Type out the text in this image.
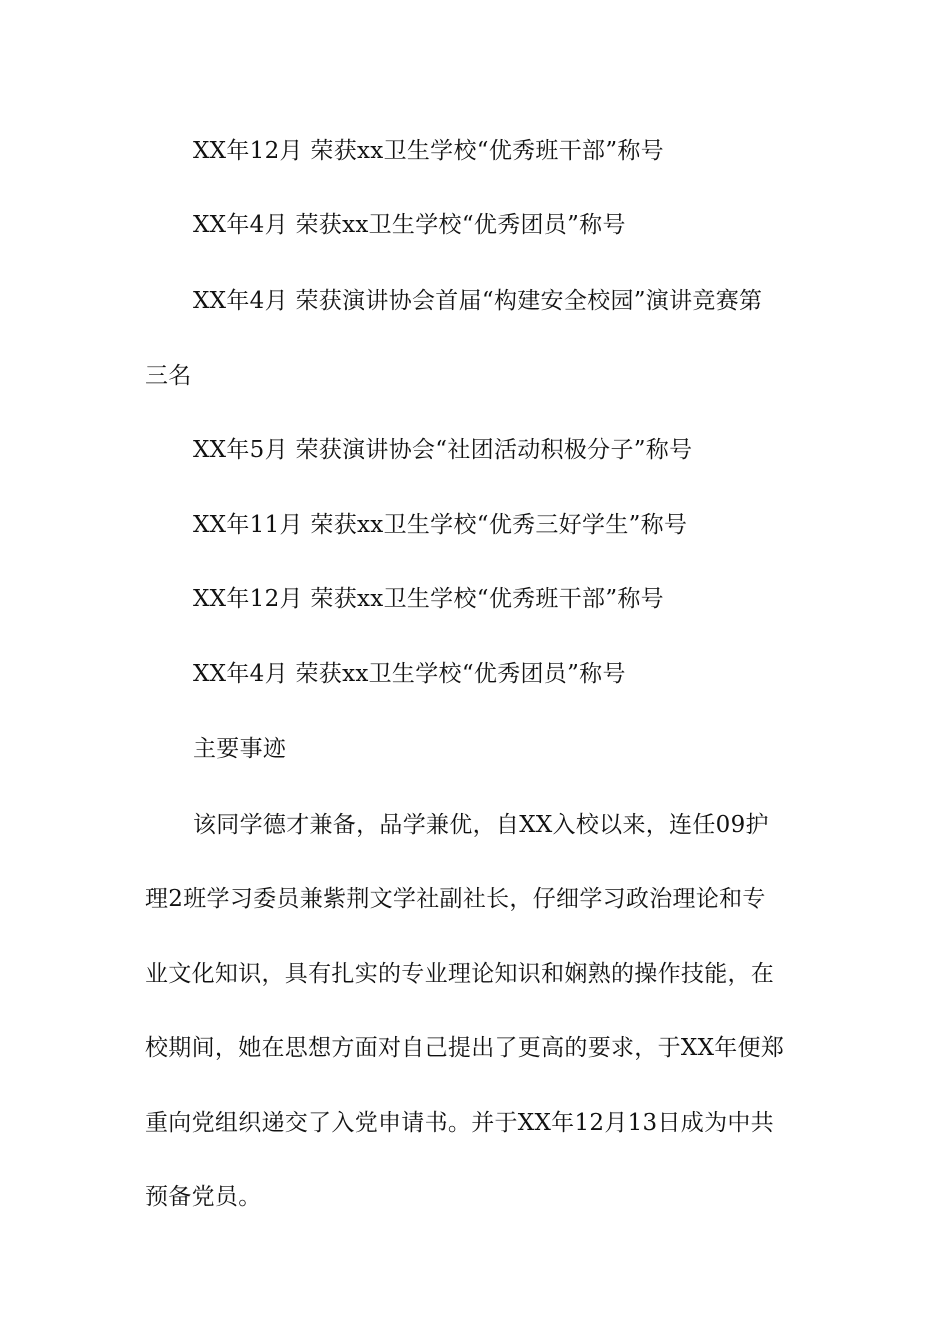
XX年12月 荣获xx卫生学校“优秀班干部”称号
XX年4月 荣获xx卫生学校“优秀团员”称号
XX年4月 荣获演讲协会首届“构建安全校园”演讲竞赛第
三名
XX年5月 荣获演讲协会“社团活动积极分子”称号
XX年11月 荣获xx卫生学校“优秀三好学生”称号
XX年12月 荣获xx卫生学校“优秀班干部”称号
XX年4月 荣获xx卫生学校“优秀团员”称号
主要事迹
该同学德才兼备，品学兼优，自XX入校以来，连任09护
理2班学习委员兼紫荆文学社副社长，仔细学习政治理论和专
业文化知识，具有扎实的专业理论知识和娴熟的操作技能，在
校期间，她在思想方面对自己提出了更高的要求，于XX年便郑
重向党组织递交了入党申请书。并于XX年12月13日成为中共
预备党员。
